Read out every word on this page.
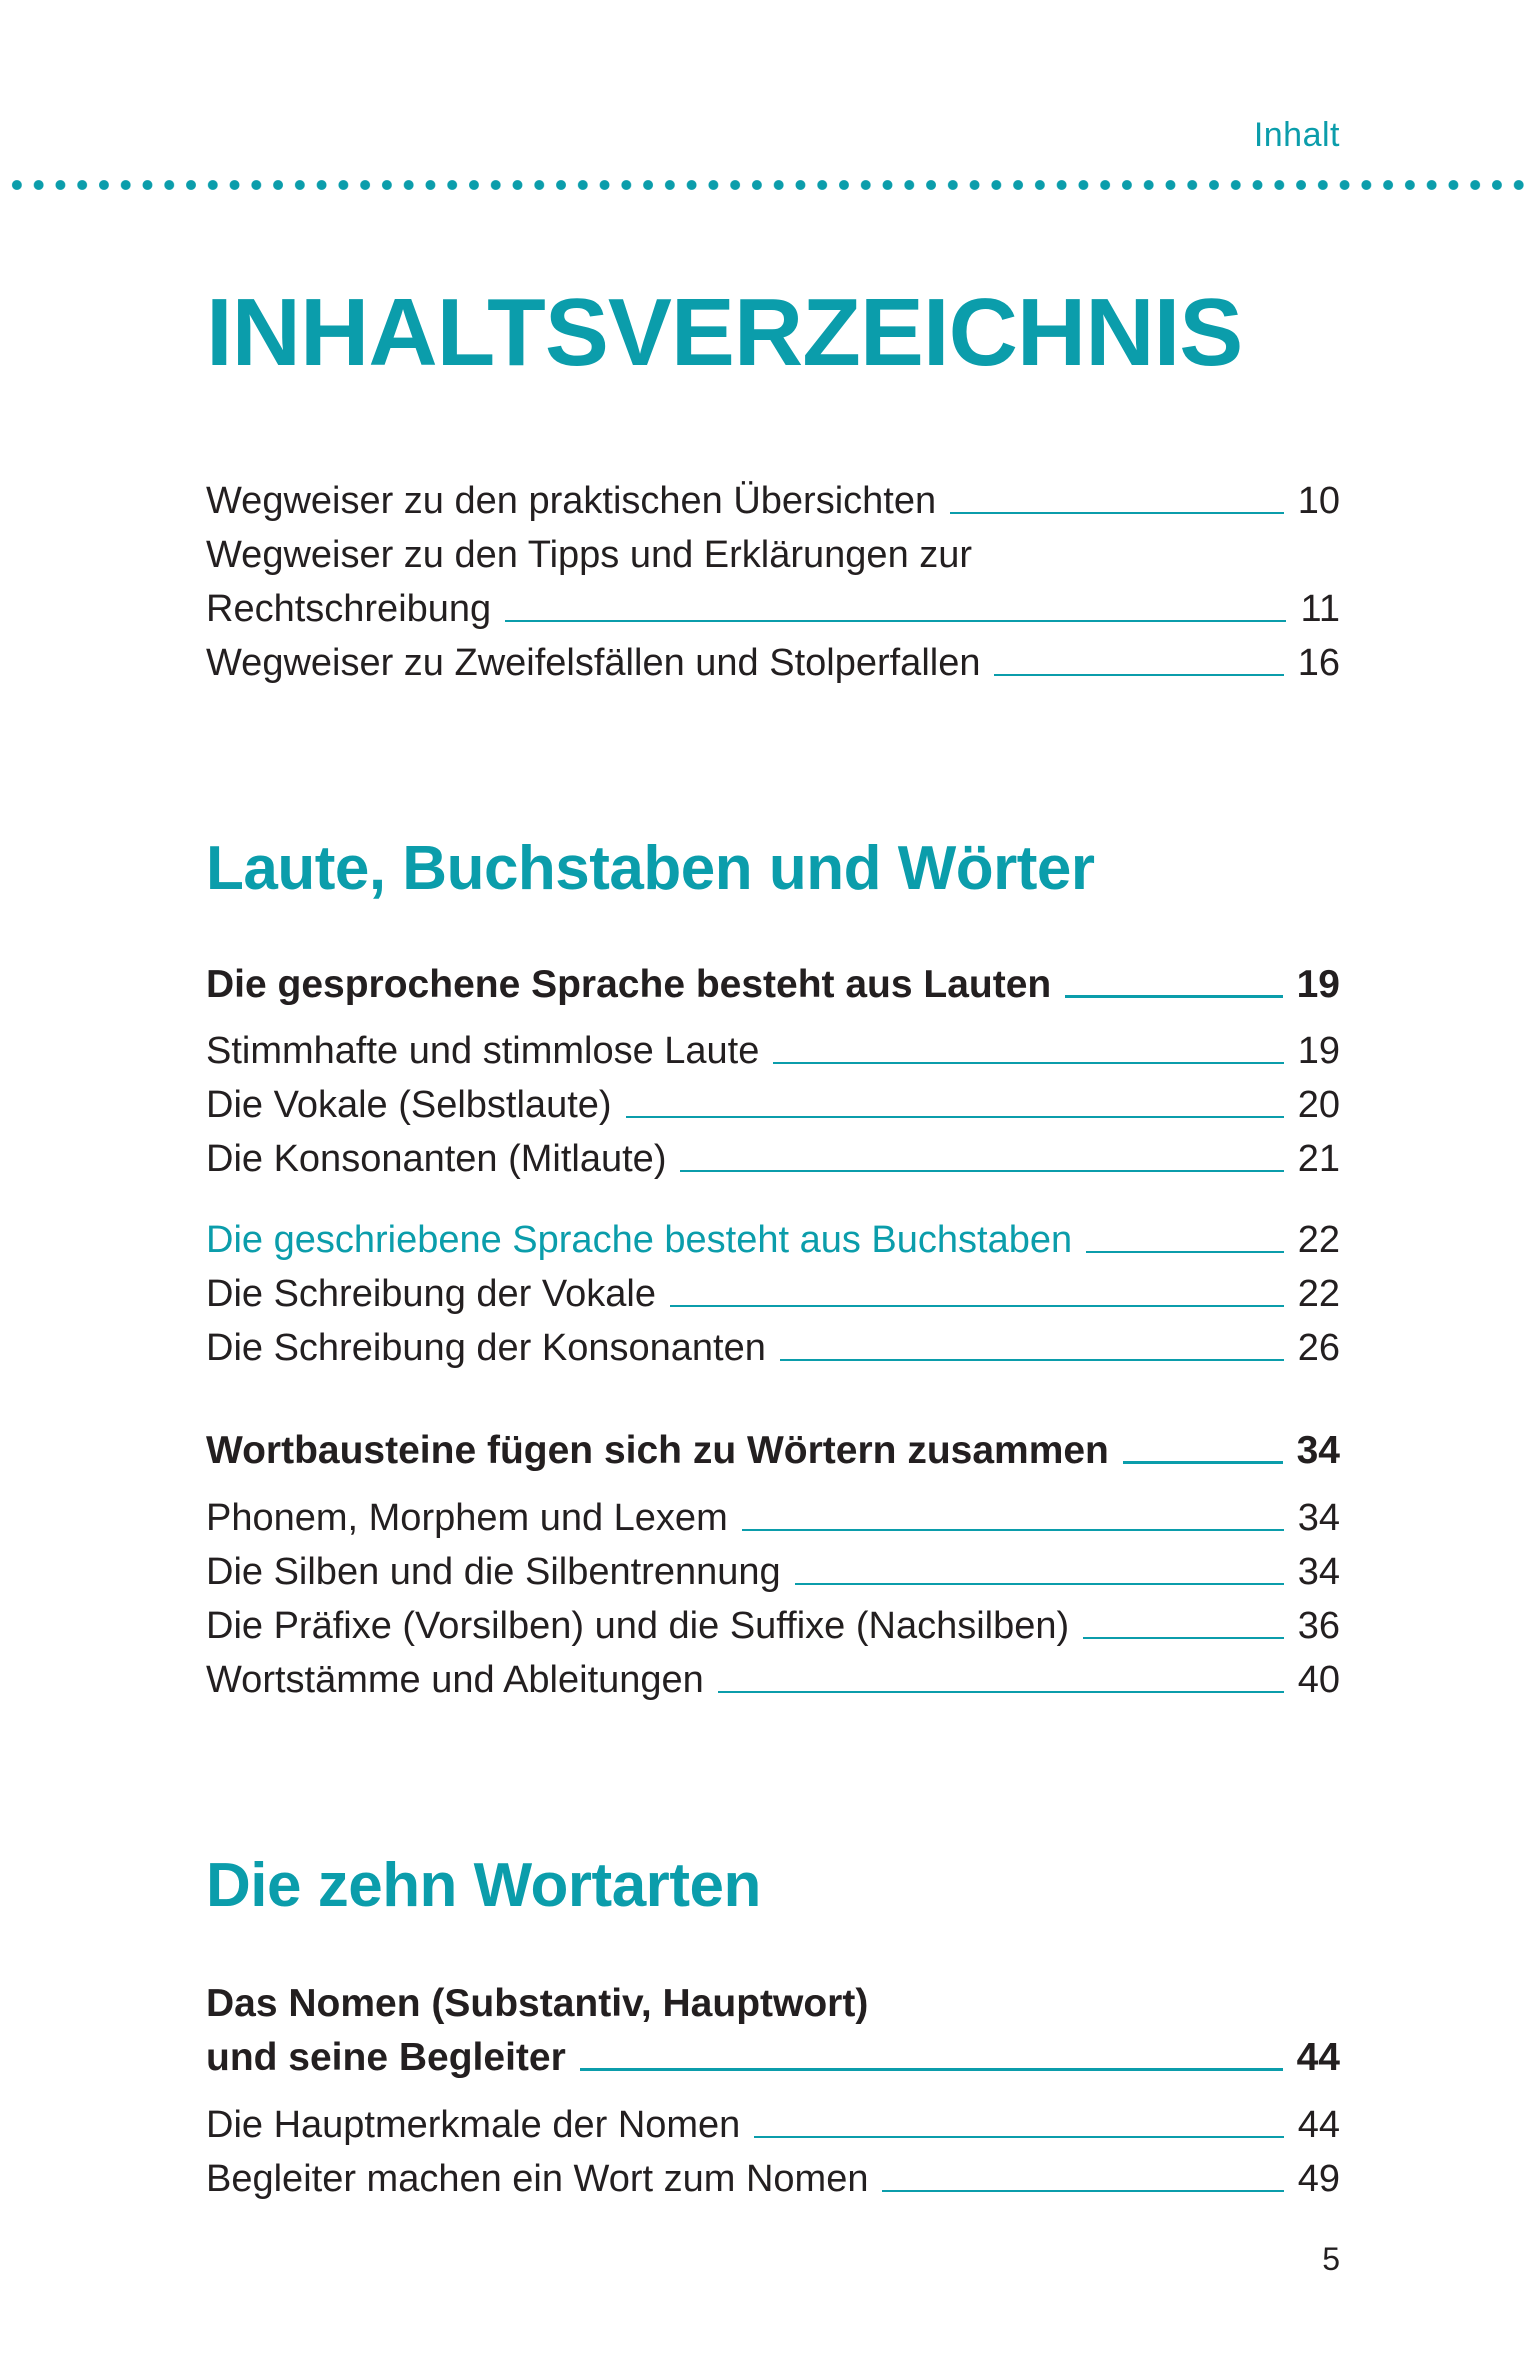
Inhalt
INHALTSVERZEICHNIS
Wegweiser zu den praktischen Übersichten	10
Wegweiser zu den Tipps und Erklärungen zur
Rechtschreibung	11
Wegweiser zu Zweifelsfällen und Stolperfallen	16
Laute, Buchstaben und Wörter
Die gesprochene Sprache besteht aus Lauten	19
Stimmhafte und stimmlose Laute	19
Die Vokale (Selbstlaute)	20
Die Konsonanten (Mitlaute)	21
Die geschriebene Sprache besteht aus Buchstaben	22
Die Schreibung der Vokale	22
Die Schreibung der Konsonanten	26
Wortbausteine fügen sich zu Wörtern zusammen	34
Phonem, Morphem und Lexem	34
Die Silben und die Silbentrennung	34
Die Präfixe (Vorsilben) und die Suffixe (Nachsilben)	36
Wortstämme und Ableitungen	40
Die zehn Wortarten
Das Nomen (Substantiv, Hauptwort)
und seine Begleiter	44
Die Hauptmerkmale der Nomen	44
Begleiter machen ein Wort zum Nomen	49
5
